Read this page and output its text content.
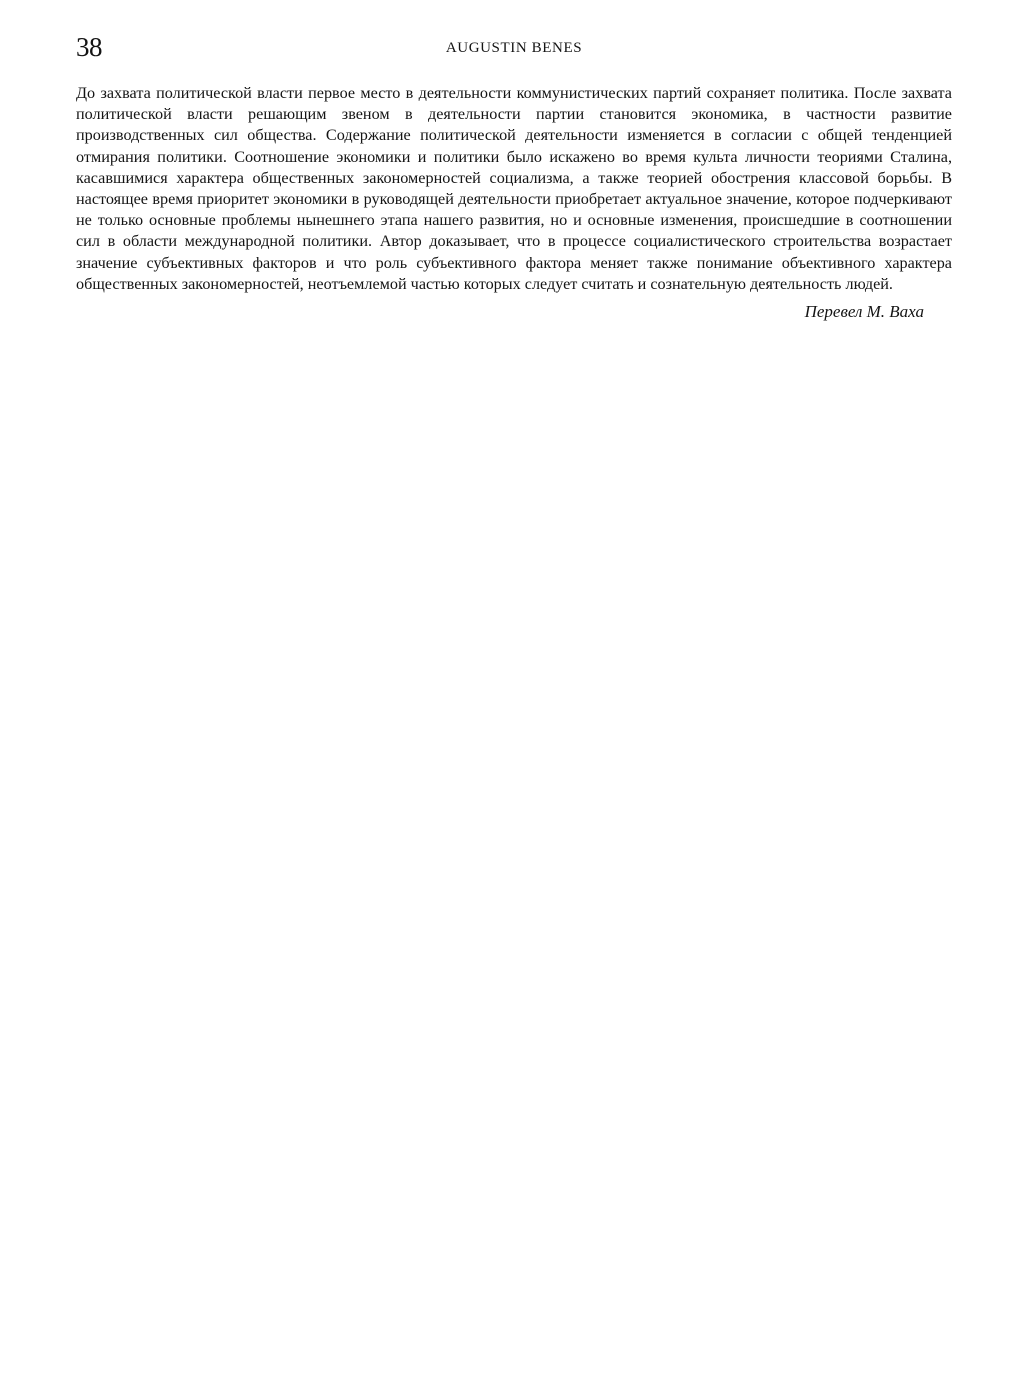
38	AUGUSTIN BENES

До захвата политической власти первое место в деятельности коммунистических партий сохраняет политика. После захвата политической власти решающим звеном в деятельности партии становится экономика, в частности развитие производственных сил общества. Содержание политической деятельности изменяется в согласии с общей тенденцией отмирания политики. Соотношение экономики и политики было искажено во время культа личности теориями Сталина, касавшимися характера общественных закономерностей социализма, а также теорией обострения классовой борьбы. В настоящее время приоритет экономики в руководящей деятельности приобретает актуальное значение, которое подчеркивают не только основные проблемы нынешнего этапа нашего развития, но и основные изменения, происшедшие в соотношении сил в области международной политики. Автор доказывает, что в процессе социалистического строительства возрастает значение субъективных факторов и что роль субъективного фактора меняет также понимание объективного характера общественных закономерностей, неотъемлемой частью которых следует считать и сознательную деятельность людей.

Перевел М. Ваха
